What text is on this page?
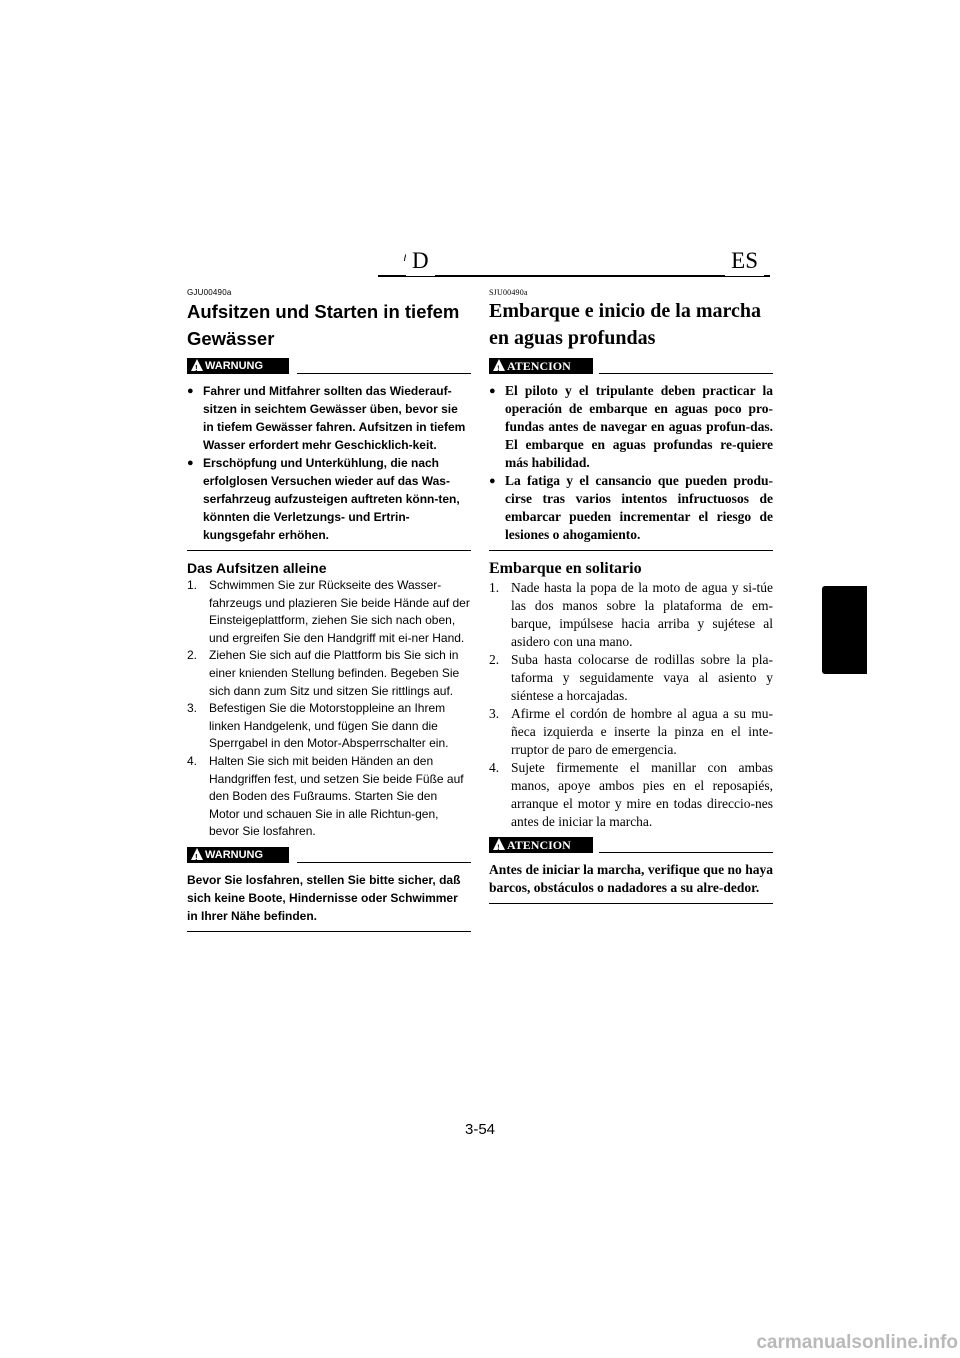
D	ES
GJU00490a
Aufsitzen und Starten in tiefem Gewässer
!
WARNUNG

● Fahrer und Mitfahrer sollten das Wiederauf-sitzen in seichtem Gewässer üben, bevor sie in tiefem Gewässer fahren. Aufsitzen in tiefem Wasser erfordert mehr Geschicklich-keit.

● Erschöpfung und Unterkühlung, die nach erfolglosen Versuchen wieder auf das Was-serfahrzeug aufzusteigen auftreten könn-ten, könnten die Verletzungs- und Ertrin-kungsgefahr erhöhen.

Das Aufsitzen alleine

1. Schwimmen Sie zur Rückseite des Wasser-fahrzeugs und plazieren Sie beide Hände auf der Einsteigeplattform, ziehen Sie sich nach oben, und ergreifen Sie den Handgriff mit ei-ner Hand.

2. Ziehen Sie sich auf die Plattform bis Sie sich in einer knienden Stellung befinden. Begeben Sie sich dann zum Sitz und sitzen Sie rittlings auf.

3. Befestigen Sie die Motorstoppleine an Ihrem linken Handgelenk, und fügen Sie dann die Sperrgabel in den Motor-Absperrschalter ein.

4. Halten Sie sich mit beiden Händen an den Handgriffen fest, und setzen Sie beide Füße auf den Boden des Fußraums. Starten Sie den Motor und schauen Sie in alle Richtun-gen, bevor Sie losfahren.

!
WARNUNG

Bevor Sie losfahren, stellen Sie bitte sicher, daß sich keine Boote, Hindernisse oder Schwimmer in Ihrer Nähe befinden.

SJU00490a
Embarque e inicio de la marcha en aguas profundas
!
ATENCION

● El piloto y el tripulante deben practicar la operación de embarque en aguas poco pro-fundas antes de navegar en aguas profun-das. El embarque en aguas profundas re-quiere más habilidad.

● La fatiga y el cansancio que pueden produ-cirse tras varios intentos infructuosos de embarcar pueden incrementar el riesgo de lesiones o ahogamiento.

Embarque en solitario

1. Nade hasta la popa de la moto de agua y si-túe las dos manos sobre la plataforma de em-barque, impúlsese hacia arriba y sujétese al asidero con una mano.

2. Suba hasta colocarse de rodillas sobre la pla-taforma y seguidamente vaya al asiento y siéntese a horcajadas.

3. Afirme el cordón de hombre al agua a su mu-ñeca izquierda e inserte la pinza en el inte-rruptor de paro de emergencia.

4. Sujete firmemente el manillar con ambas manos, apoye ambos pies en el reposapiés, arranque el motor y mire en todas direccio-nes antes de iniciar la marcha.

!
ATENCION

Antes de iniciar la marcha, verifique que no haya barcos, obstáculos o nadadores a su alre-dedor.

3-54
carmanualsonline.info
